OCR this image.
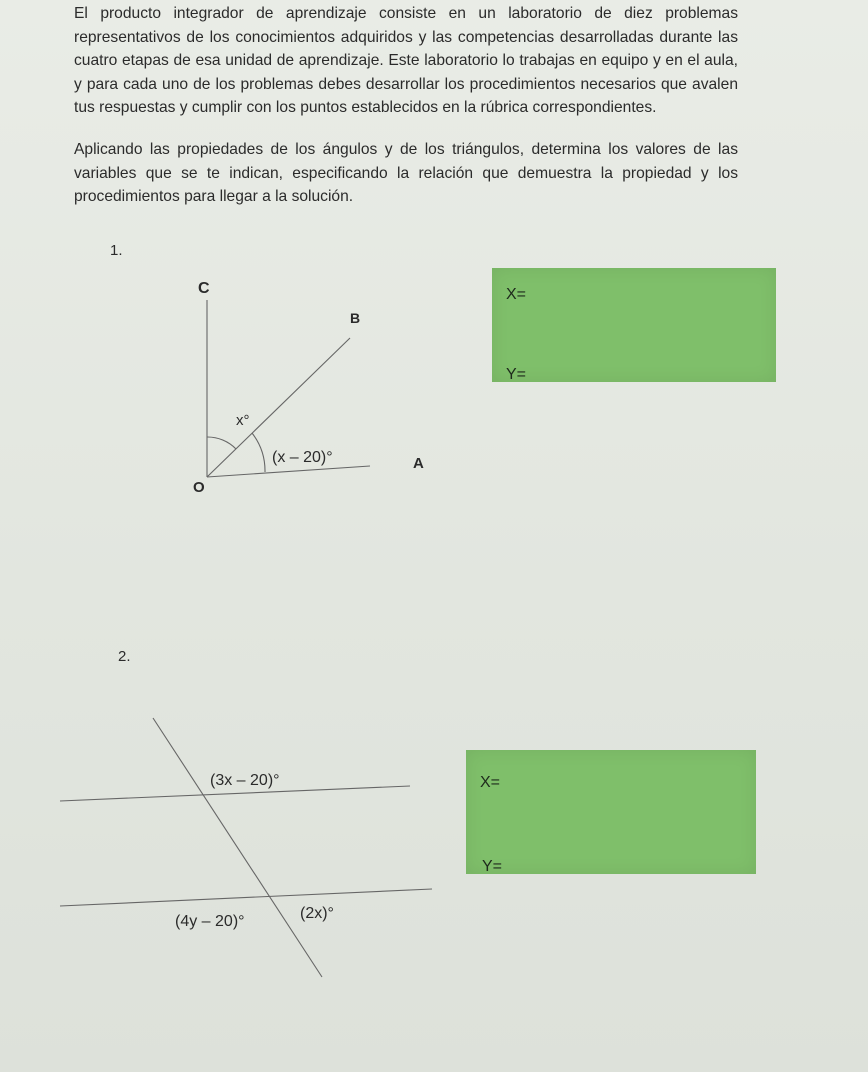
El producto integrador de aprendizaje consiste en un laboratorio de diez problemas representativos de los conocimientos adquiridos y las competencias desarrolladas durante las cuatro etapas de esa unidad de aprendizaje. Este laboratorio lo trabajas en equipo y en el aula, y para cada uno de los problemas debes desarrollar los procedimientos necesarios que avalen tus respuestas y cumplir con los puntos establecidos en la rúbrica correspondientes.

Aplicando las propiedades de los ángulos y de los triángulos, determina los valores de las variables que se te indican, especificando la relación que demuestra la propiedad y los procedimientos para llegar a la solución.

1.
X=
Y=
C
B
O
A
x°
(x – 20)°
(3x – 20)°
(4y – 20)°	(2x)°
2.
X=
Y=
